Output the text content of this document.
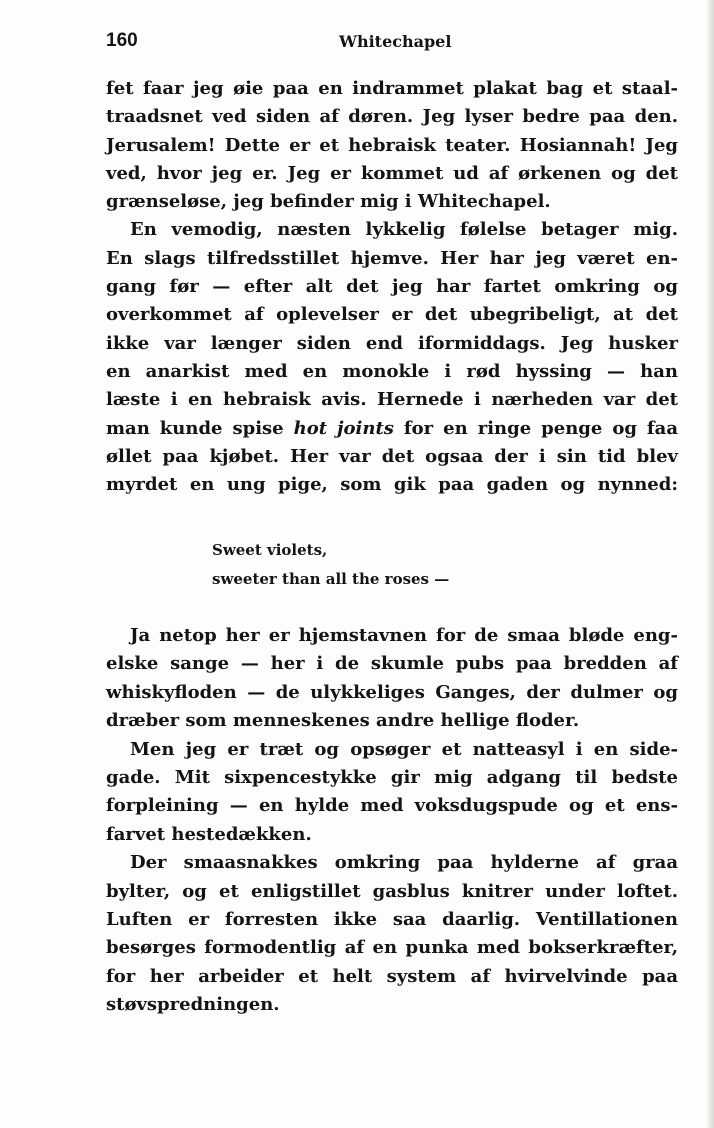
160	Whitechapel
fet faar jeg øie paa en indrammet plakat bag et staal-
traadsnet ved siden af døren. Jeg lyser bedre paa den.
Jerusalem! Dette er et hebraisk teater. Hosiannah! Jeg
ved, hvor jeg er. Jeg er kommet ud af ørkenen og det
grænseløse, jeg befinder mig i Whitechapel.
En vemodig, næsten lykkelig følelse betager mig.
En slags tilfredsstillet hjemve. Her har jeg været en-
gang før — efter alt det jeg har fartet omkring og
overkommet af oplevelser er det ubegribeligt, at det
ikke var længer siden end iformiddags. Jeg husker
en anarkist med en monokle i rød hyssing — han
læste i en hebraisk avis. Hernede i nærheden var det
man kunde spise hot joints for en ringe penge og faa
øllet paa kjøbet. Her var det ogsaa der i sin tid blev
myrdet en ung pige, som gik paa gaden og nynned:
Sweet violets,
sweeter than all the roses —
Ja netop her er hjemstavnen for de smaa bløde eng-
elske sange — her i de skumle pubs paa bredden af
whiskyfloden — de ulykkeliges Ganges, der dulmer og
dræber som menneskenes andre hellige floder.
Men jeg er træt og opsøger et natteasyl i en side-
gade. Mit sixpencestykke gir mig adgang til bedste
forpleining — en hylde med voksdugspude og et ens-
farvet hestedækken.
Der smaasnakkes omkring paa hylderne af graa
bylter, og et enligstillet gasblus knitrer under loftet.
Luften er forresten ikke saa daarlig. Ventillationen
besørges formodentlig af en punka med bokserkræfter,
for her arbeider et helt system af hvirvelvinde paa
støvspredningen.
